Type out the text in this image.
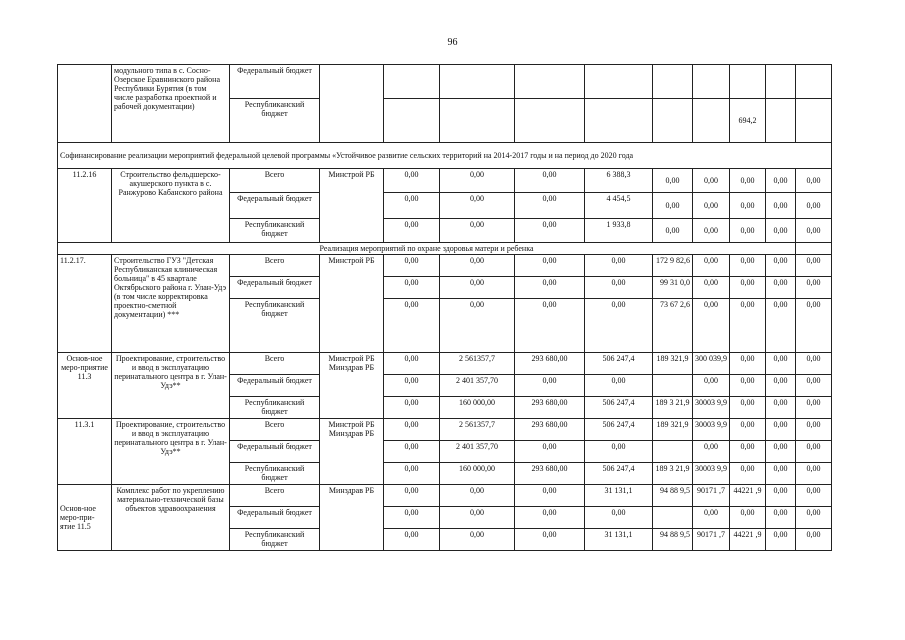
96
	модульного типа в с. Сосно-Озерское Еравнинского района Республики Бурятия (в том числе разработка проектной и рабочей документации)	Федеральный бюджет										
		Республиканский бюджет								694,2		
Софинансирование реализации мероприятий федеральной целевой программы «Устойчивое развитие сельских территорий на 2014-2017 годы и на период до 2020 года												
11.2.16	Строительство фельдшерско-акушерского пункта в с. Ранжурово Кабанского района	Всего	Минстрой РБ	0,00	0,00	0,00	6 388,3	0,00	0,00	0,00	0,00	0,00
		Федеральный бюджет		0,00	0,00	0,00	4 454,5	0,00	0,00	0,00	0,00	0,00
		Республиканский бюджет		0,00	0,00	0,00	1 933,8	0,00	0,00	0,00	0,00	0,00
Реализация мероприятий по охране здоровья матери и ребенка												
11.2.17.	Строительство ГУЗ "Детская Республиканская клиническая больница" в 45 квартале Октябрьского района г. Улан-Удэ (в том числе корректировка проектно-сметной документации) ***	Всего	Минстрой РБ	0,00	0,00	0,00	0,00	172 9 82,6	0,00	0,00	0,00	0,00
		Федеральный бюджет		0,00	0,00	0,00	0,00	99 31 0,0	0,00	0,00	0,00	0,00
		Республиканский бюджет		0,00	0,00	0,00	0,00	73 67 2,6	0,00	0,00	0,00	0,00
Основ-ное меро-приятие 11.3	Проектирование, строительство и ввод в эксплуатацию перинатального центра в г. Улан-Удэ**	Всего	Минстрой РБ Минздрав РБ	0,00	2 561357,7	293 680,00	506 247,4	189 321,9	300 039,9	0,00	0,00	0,00
		Федеральный бюджет		0,00	2 401 357,70	0,00	0,00		0,00	0,00	0,00	0,00
		Республиканский бюджет		0,00	160 000,00	293 680,00	506 247,4	189 3 21,9	30003 9,9	0,00	0,00	0,00
11.3.1	Проектирование, строительство и ввод в эксплуатацию перинатального центра в г. Улан-Удэ**	Всего	Минстрой РБ Минздрав РБ	0,00	2 561357,7	293 680,00	506 247,4	189 321,9	30003 9,9	0,00	0,00	0,00
		Федеральный бюджет		0,00	2 401 357,70	0,00	0,00		0,00	0,00	0,00	0,00
		Республиканский бюджет		0,00	160 000,00	293 680,00	506 247,4	189 3 21,9	30003 9,9	0,00	0,00	0,00
Основ-ное меро-при-ятие 11.5	Комплекс работ по укреплению материально-технической базы объектов здравоохранения	Всего	Минздрав РБ	0,00	0,00	0,00	31 131,1	94 88 9,5	90171 ,7	44221 ,9	0,00	0,00
		Федеральный бюджет		0,00	0,00	0,00	0,00		0,00	0,00	0,00	0,00
		Республиканский бюджет		0,00	0,00	0,00	31 131,1	94 88 9,5	90171 ,7	44221 ,9	0,00	0,00
